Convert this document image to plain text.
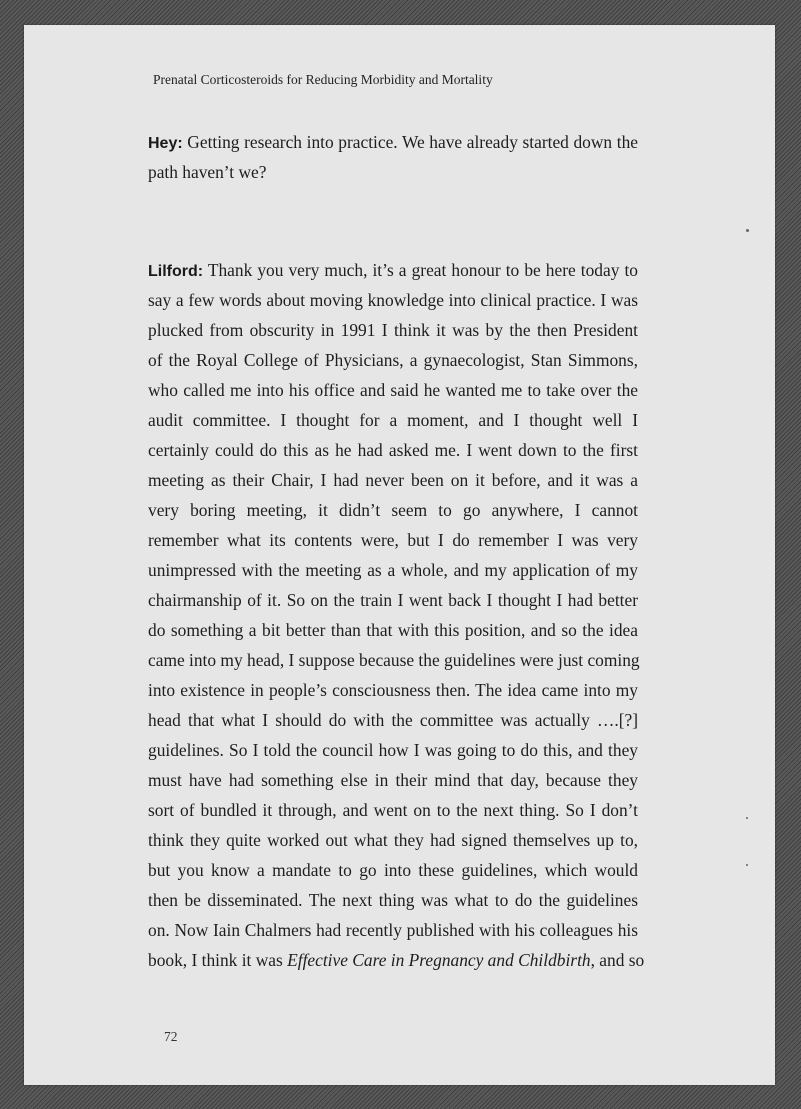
Prenatal Corticosteroids for Reducing Morbidity and Mortality
Hey: Getting research into practice. We have already started down the
path haven’t we?
Lilford: Thank you very much, it’s a great honour to be here today to
say a few words about moving knowledge into clinical practice. I was
plucked from obscurity in 1991 I think it was by the then President
of the Royal College of Physicians, a gynaecologist, Stan Simmons,
who called me into his office and said he wanted me to take over the
audit committee. I thought for a moment, and I thought well I
certainly could do this as he had asked me. I went down to the first
meeting as their Chair, I had never been on it before, and it was a
very boring meeting, it didn’t seem to go anywhere, I cannot
remember what its contents were, but I do remember I was very
unimpressed with the meeting as a whole, and my application of my
chairmanship of it. So on the train I went back I thought I had better
do something a bit better than that with this position, and so the idea
came into my head, I suppose because the guidelines were just coming
into existence in people’s consciousness then. The idea came into my
head that what I should do with the committee was actually ….[?]
guidelines. So I told the council how I was going to do this, and they
must have had something else in their mind that day, because they
sort of bundled it through, and went on to the next thing. So I don’t
think they quite worked out what they had signed themselves up to,
but you know a mandate to go into these guidelines, which would
then be disseminated. The next thing was what to do the guidelines
on. Now Iain Chalmers had recently published with his colleagues his
book, I think it was Effective Care in Pregnancy and Childbirth, and so
72
